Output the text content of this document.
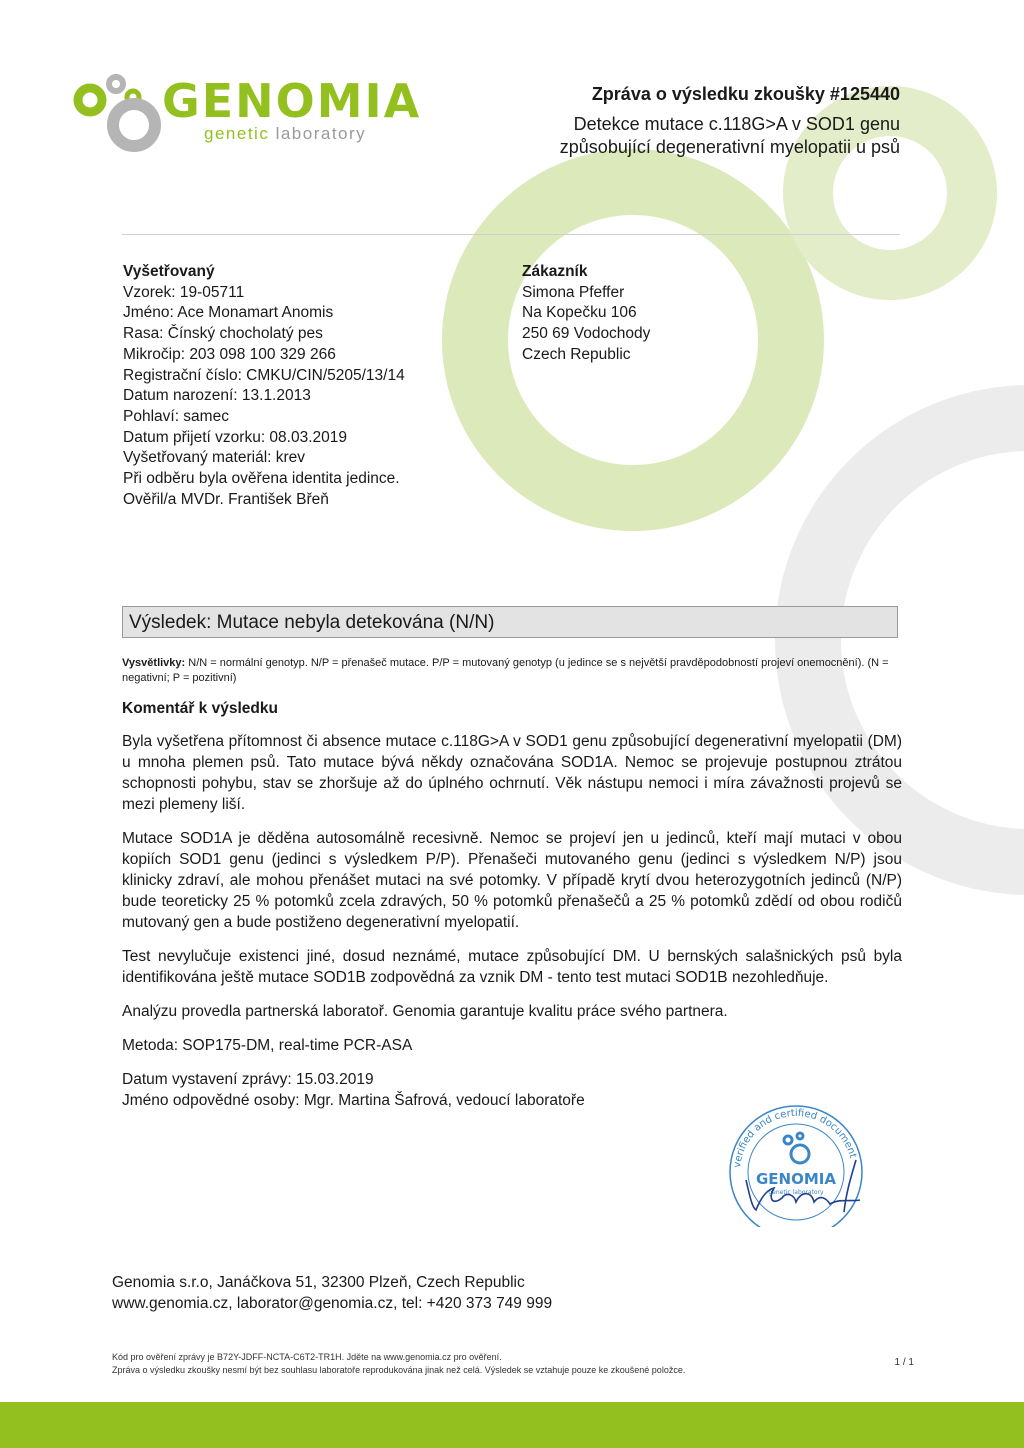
GENOMIA
genetic laboratory
Zpráva o výsledku zkoušky #125440
Detekce mutace c.118G>A v SOD1 genu
způsobující degenerativní myelopatii u psů
Vyšetřovaný
Vzorek: 19-05711
Jméno: Ace Monamart Anomis
Rasa: Čínský chocholatý pes
Mikročip: 203 098 100 329 266
Registrační číslo: CMKU/CIN/5205/13/14
Datum narození: 13.1.2013
Pohlaví: samec
Datum přijetí vzorku: 08.03.2019
Vyšetřovaný materiál: krev
Při odběru byla ověřena identita jedince.
Ověřil/a MVDr. František Břeň
Zákazník
Simona Pfeffer
Na Kopečku 106
250 69 Vodochody
Czech Republic
Výsledek: Mutace nebyla detekována (N/N)
Vysvětlivky: N/N = normální genotyp. N/P = přenašeč mutace. P/P = mutovaný genotyp (u jedince se s největší pravděpodobností projeví onemocnění). (N = negativní; P = pozitivní)
Komentář k výsledku

Byla vyšetřena přítomnost či absence mutace c.118G>A v SOD1 genu způsobující degenerativní myelopatii (DM) u mnoha plemen psů. Tato mutace bývá někdy označována SOD1A. Nemoc se projevuje postupnou ztrátou schopnosti pohybu, stav se zhoršuje až do úplného ochrnutí. Věk nástupu nemoci i míra závažnosti projevů se mezi plemeny liší.

Mutace SOD1A je děděna autosomálně recesivně. Nemoc se projeví jen u jedinců, kteří mají mutaci v obou kopiích SOD1 genu (jedinci s výsledkem P/P). Přenašeči mutovaného genu (jedinci s výsledkem N/P) jsou klinicky zdraví, ale mohou přenášet mutaci na své potomky. V případě krytí dvou heterozygotních jedinců (N/P) bude teoreticky 25 % potomků zcela zdravých, 50 % potomků přenašečů a 25 % potomků zdědí od obou rodičů mutovaný gen a bude postiženo degenerativní myelopatií.

Test nevylučuje existenci jiné, dosud neznámé, mutace způsobující DM. U bernských salašnických psů byla identifikována ještě mutace SOD1B zodpovědná za vznik DM - tento test mutaci SOD1B nezohledňuje.

Analýzu provedla partnerská laboratoř. Genomia garantuje kvalitu práce svého partnera.

Metoda: SOP175-DM, real-time PCR-ASA

Datum vystavení zprávy: 15.03.2019
Jméno odpovědné osoby: Mgr. Martina Šafrová, vedoucí laboratoře
verified and certified document
GENOMIA
genetic laboratory
Genomia s.r.o, Janáčkova 51, 32300 Plzeň, Czech Republic
www.genomia.cz, laborator@genomia.cz, tel: +420 373 749 999
Kód pro ověření zprávy je B72Y-JDFF-NCTA-C6T2-TR1H. Jděte na www.genomia.cz pro ověření.
Zpráva o výsledku zkoušky nesmí být bez souhlasu laboratoře reprodukována jinak než celá. Výsledek se vztahuje pouze ke zkoušené položce.
1 / 1
